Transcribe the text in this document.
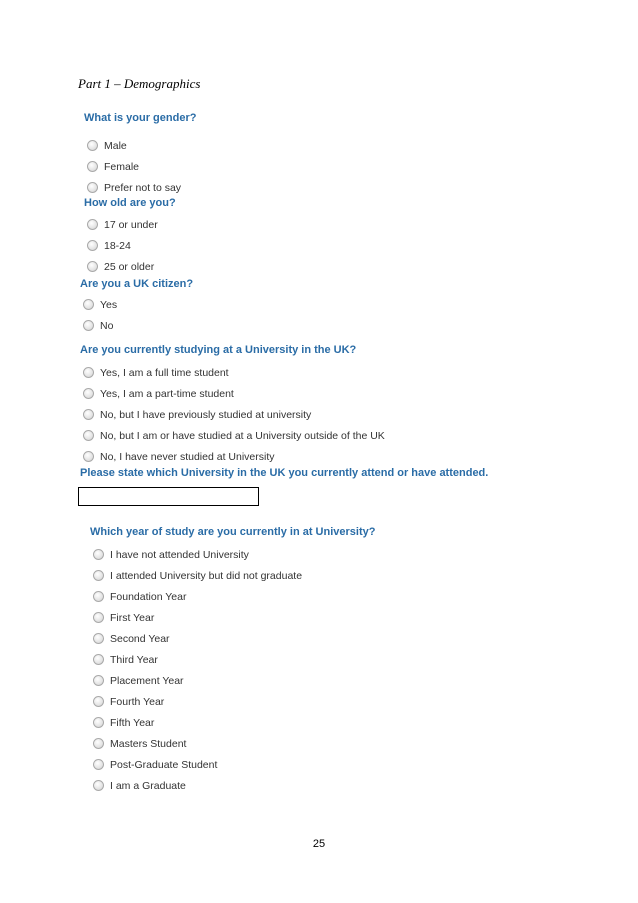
Part 1 – Demographics

What is your gender?

Male
Female
Prefer not to say

How old are you?

17 or under
18-24
25 or older

Are you a UK citizen?

Yes
No

Are you currently studying at a University in the UK?

Yes, I am a full time student
Yes, I am a part-time student
No, but I have previously studied at university
No, but I am or have studied at a University outside of the UK
No, I have never studied at University

Please state which University in the UK you currently attend or have attended.

Which year of study are you currently in at University?

I have not attended University
I attended University but did not graduate
Foundation Year
First Year
Second Year
Third Year
Placement Year
Fourth Year
Fifth Year
Masters Student
Post-Graduate Student
I am a Graduate
25
